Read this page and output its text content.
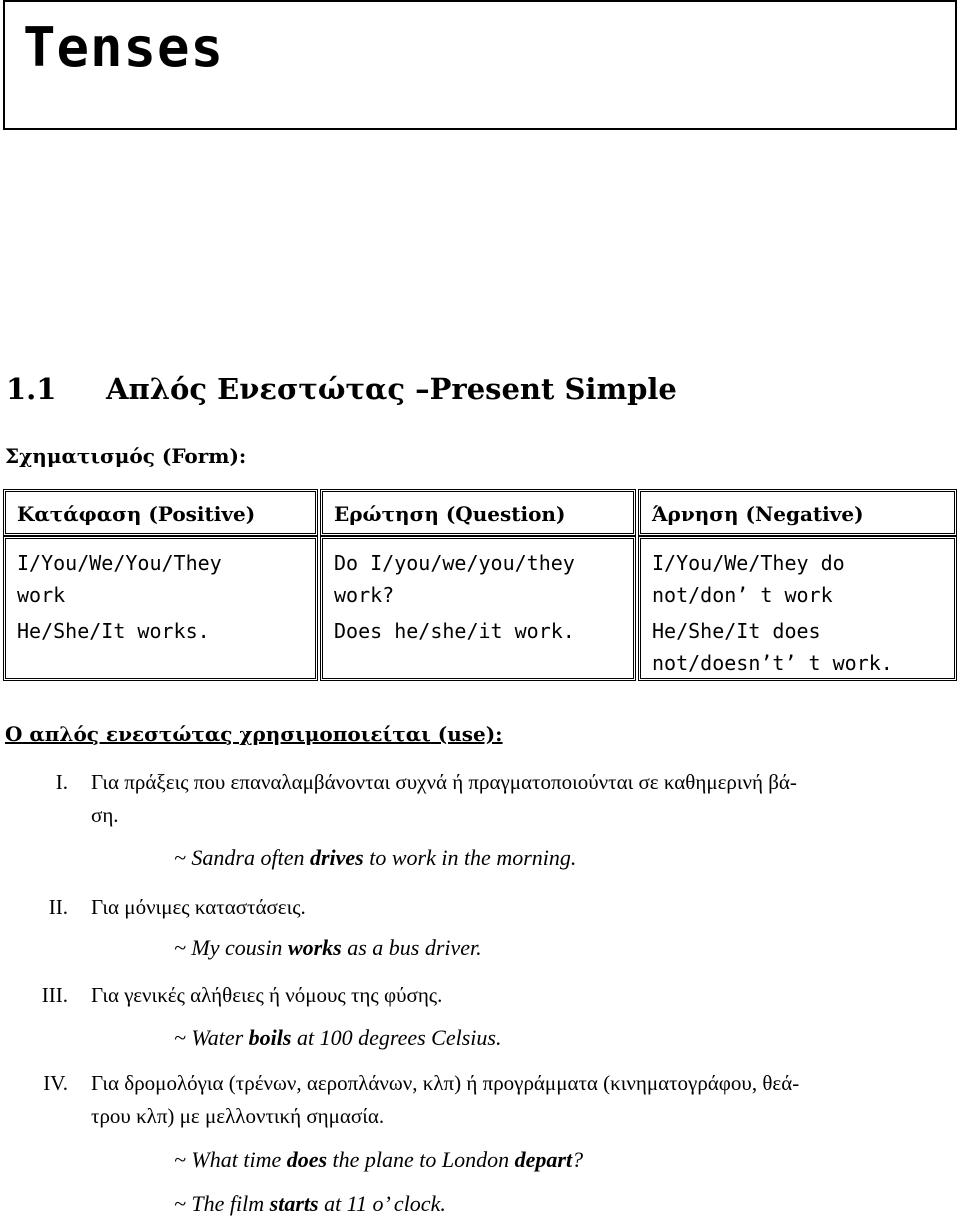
Tenses
1.1 Απλός Ενεστώτας –Present Simple
Σχηματισμός (Form):
Κατάφαση (Positive)	Ερώτηση (Question)	Άρνηση (Negative)
I/You/We/You/They
work
He/She/It works.
Do I/you/we/you/they
work?
Does he/she/it work.
I/You/We/They do
not/don’ t work
He/She/It does
not/doesn’t’ t work.
Ο απλός ενεστώτας χρησιμοποιείται (use):
I. Για πράξεις που επαναλαμβάνονται συχνά ή πραγματοποιούνται σε καθημερινή βά-
ση.
~ Sandra often drives to work in the morning.
II. Για μόνιμες καταστάσεις.
~ My cousin works as a bus driver.
III. Για γενικές αλήθειες ή νόμους της φύσης.
~ Water boils at 100 degrees Celsius.
IV. Για δρομολόγια (τρένων, αεροπλάνων, κλπ) ή προγράμματα (κινηματογράφου, θεά-
τρου κλπ) με μελλοντική σημασία.
~ What time does the plane to London depart?
~ The film starts at 11 o’ clock.
